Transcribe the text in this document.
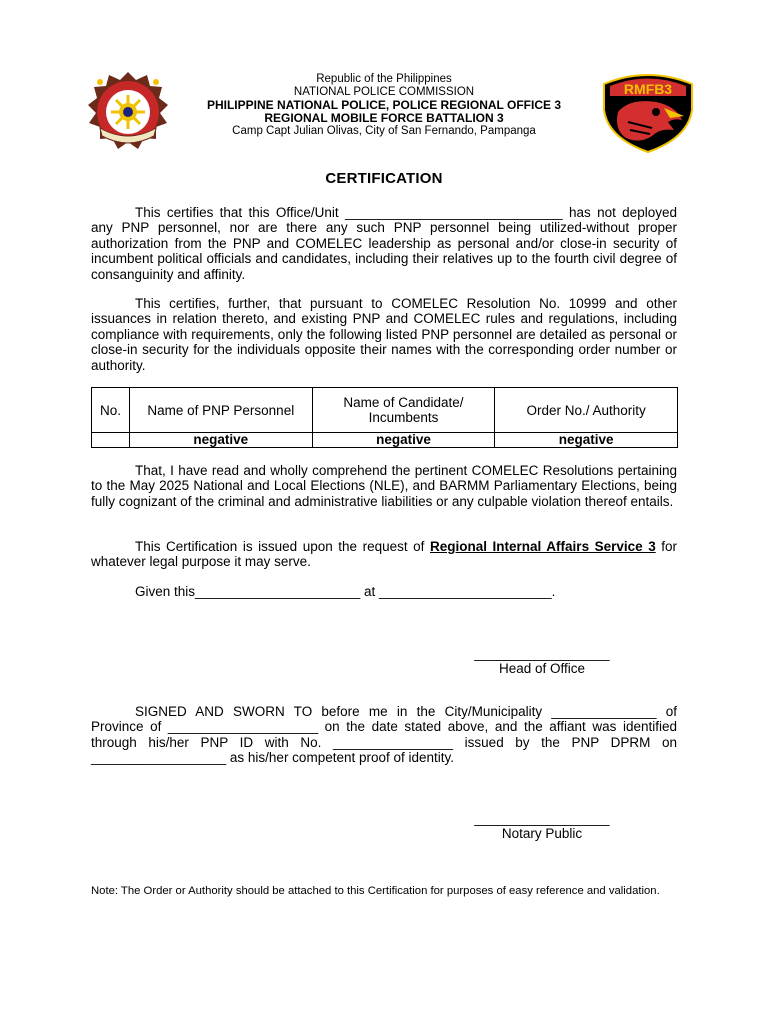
RMFB3
Republic of the Philippines
NATIONAL POLICE COMMISSION
PHILIPPINE NATIONAL POLICE, POLICE REGIONAL OFFICE 3
REGIONAL MOBILE FORCE BATTALION 3
Camp Capt Julian Olivas, City of San Fernando, Pampanga
CERTIFICATION
This certifies that this Office/Unit _____________________________ has not deployed any PNP personnel, nor are there any such PNP personnel being utilized-without proper authorization from the PNP and COMELEC leadership as personal and/or close-in security of incumbent political officials and candidates, including their relatives up to the fourth civil degree of consanguinity and affinity.
This certifies, further, that pursuant to COMELEC Resolution No. 10999 and other issuances in relation thereto, and existing PNP and COMELEC rules and regulations, including compliance with requirements, only the following listed PNP personnel are detailed as personal or close-in security for the individuals opposite their names with the corresponding order number or authority.
No.	Name of PNP Personnel	Name of Candidate/ Incumbents	Order No./ Authority
	negative	negative	negative
That, I have read and wholly comprehend the pertinent COMELEC Resolutions pertaining to the May 2025 National and Local Elections (NLE), and BARMM Parliamentary Elections, being fully cognizant of the criminal and administrative liabilities or any culpable violation thereof entails.
This Certification is issued upon the request of Regional Internal Affairs Service 3 for whatever legal purpose it may serve.
Given this______________________ at _______________________.
__________________
Head of Office
SIGNED AND SWORN TO before me in the City/Municipality ______________ of Province of ____________________ on the date stated above, and the affiant was identified through his/her PNP ID with No. ________________ issued by the PNP DPRM on __________________ as his/her competent proof of identity.
__________________
Notary Public
Note: The Order or Authority should be attached to this Certification for purposes of easy reference and validation.
